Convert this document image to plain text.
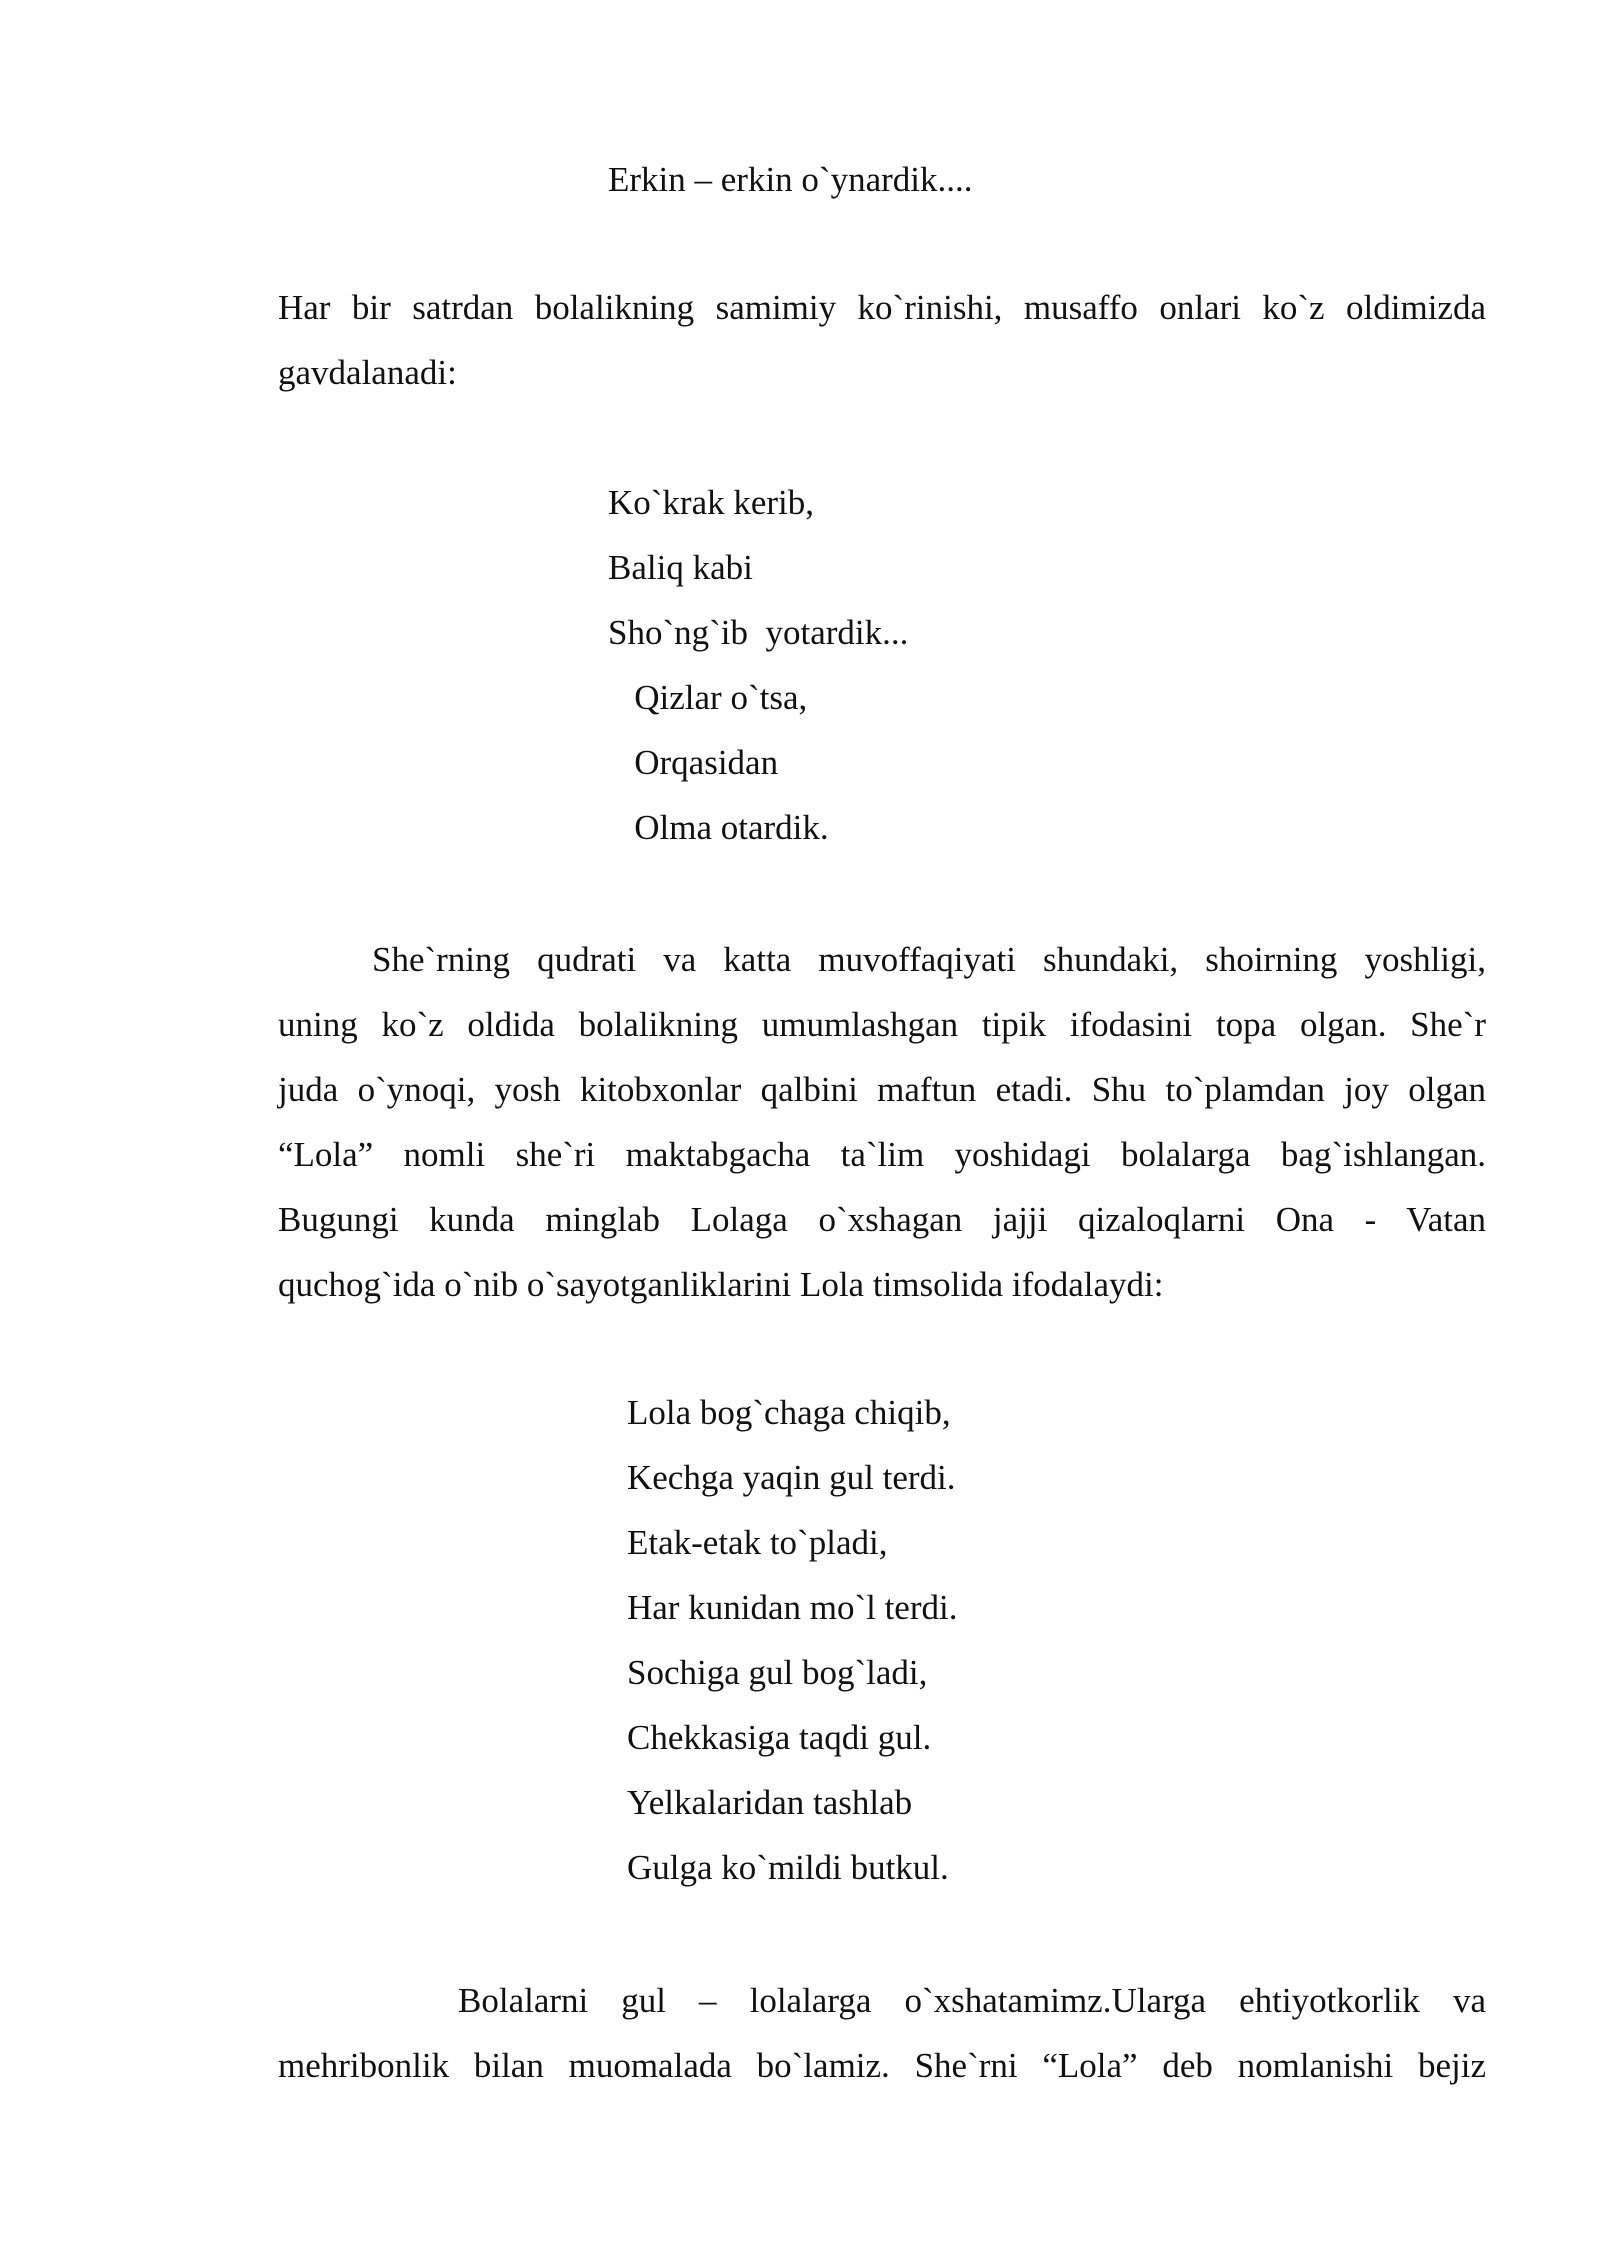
Erkin – erkin o`ynardik....
Har bir satrdan bolalikning samimiy ko`rinishi, musaffo onlari ko`z oldimizda
gavdalanadi:
Ko`krak kerib,
Baliq kabi
Sho`ng`ib  yotardik...
Qizlar o`tsa,
Orqasidan
Olma otardik.
She`rning qudrati va katta muvoffaqiyati shundaki, shoirning yoshligi,
uning ko`z oldida bolalikning umumlashgan tipik ifodasini topa olgan. She`r
juda o`ynoqi, yosh kitobxonlar qalbini maftun etadi. Shu to`plamdan joy olgan
“Lola” nomli she`ri maktabgacha ta`lim yoshidagi bolalarga bag`ishlangan.
Bugungi kunda minglab Lolaga o`xshagan jajji qizaloqlarni Ona - Vatan
quchog`ida o`nib o`sayotganliklarini Lola timsolida ifodalaydi:
Lola bog`chaga chiqib,
Kechga yaqin gul terdi.
Etak-etak to`pladi,
Har kunidan mo`l terdi.
Sochiga gul bog`ladi,
Chekkasiga taqdi gul.
Yelkalaridan tashlab
Gulga ko`mildi butkul.
Bolalarni gul – lolalarga o`xshatamimz.Ularga ehtiyotkorlik va
mehribonlik bilan muomalada bo`lamiz. She`rni “Lola” deb nomlanishi bejiz
